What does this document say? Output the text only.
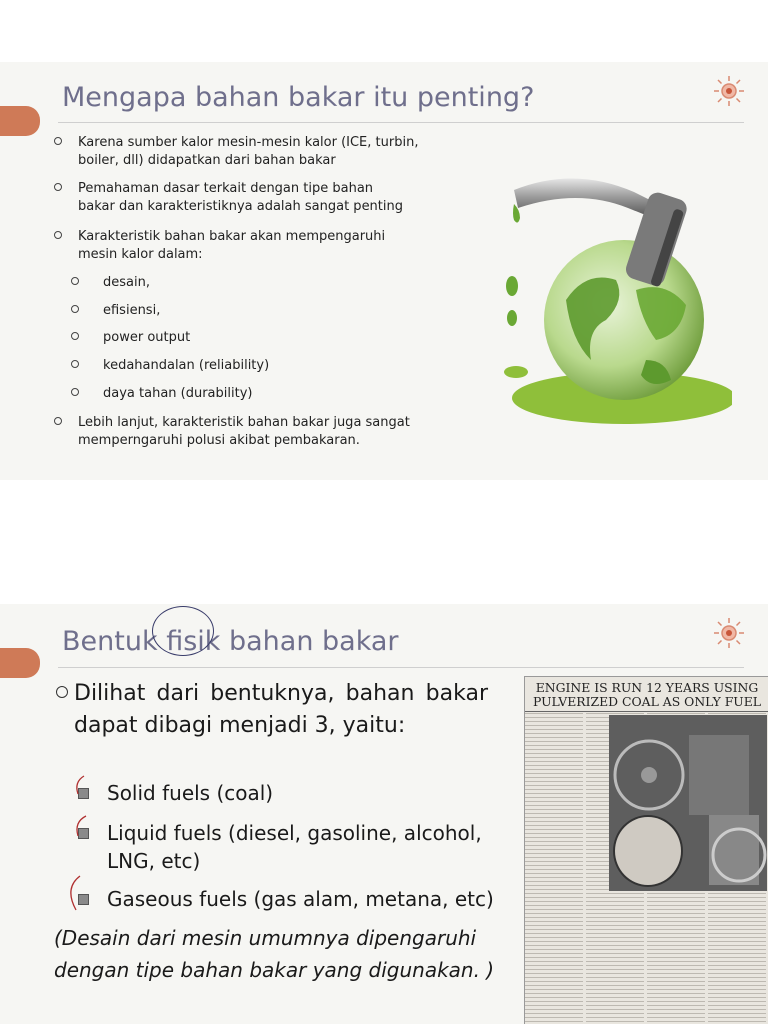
Mengapa bahan bakar itu penting?
Karena sumber kalor mesin-mesin kalor (ICE, turbin,
boiler, dll) didapatkan dari bahan bakar
Pemahaman dasar terkait dengan tipe bahan
bakar dan karakteristiknya adalah sangat penting
Karakteristik bahan bakar akan mempengaruhi
mesin kalor dalam:
desain,
efisiensi,
power output
kedahandalan (reliability)
daya tahan (durability)
Lebih lanjut, karakteristik bahan bakar juga sangat
memperngaruhi polusi akibat pembakaran.
Bentuk fisik bahan bakar
Dilihat dari bentuknya, bahan bakar dapat dibagi menjadi 3, yaitu:
Solid fuels (coal)
Liquid fuels (diesel, gasoline, alcohol,
LNG, etc)
Gaseous fuels (gas alam, metana, etc)
(Desain dari mesin umumnya dipengaruhi dengan tipe bahan bakar yang digunakan. )
ENGINE IS RUN 12 YEARS USING
PULVERIZED COAL AS ONLY FUEL
